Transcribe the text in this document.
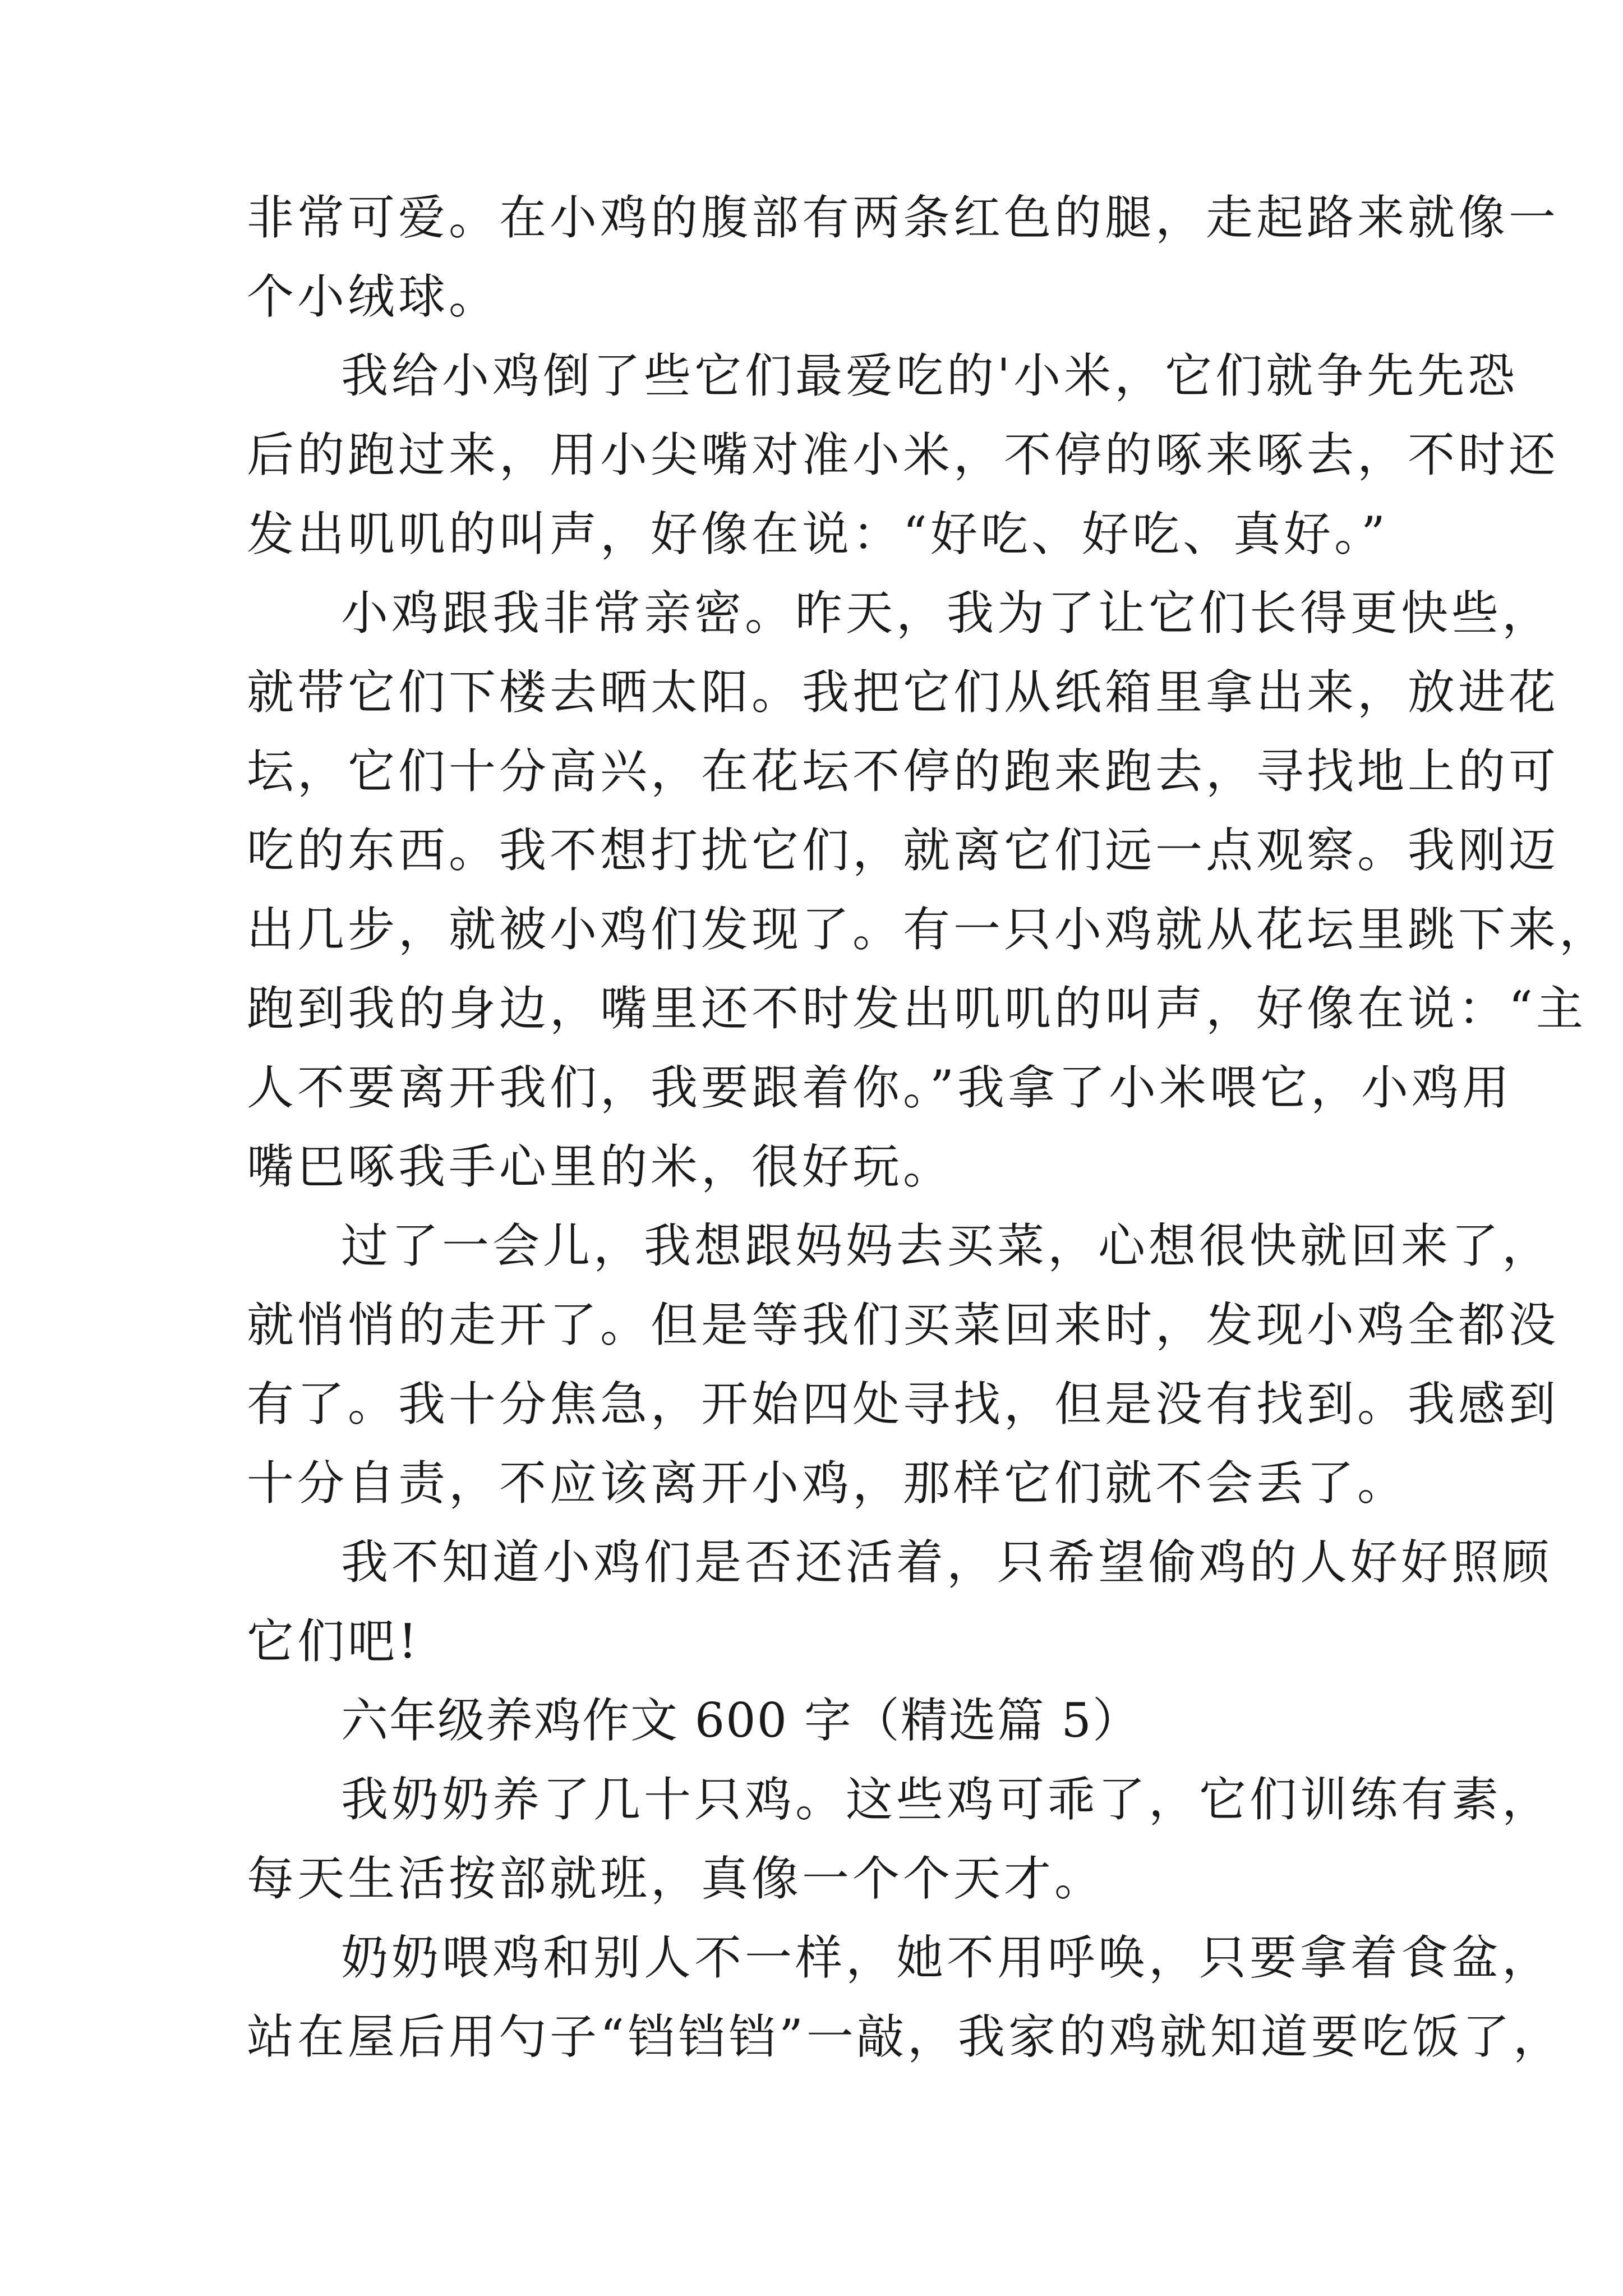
非常可爱。在小鸡的腹部有两条红色的腿，走起路来就像一
个小绒球。
我给小鸡倒了些它们最爱吃的'小米，它们就争先先恐
后的跑过来，用小尖嘴对准小米，不停的啄来啄去，不时还
发出叽叽的叫声，好像在说：“好吃、好吃、真好。”
小鸡跟我非常亲密。昨天，我为了让它们长得更快些，
就带它们下楼去晒太阳。我把它们从纸箱里拿出来，放进花
坛，它们十分高兴，在花坛不停的跑来跑去，寻找地上的可
吃的东西。我不想打扰它们，就离它们远一点观察。我刚迈
出几步，就被小鸡们发现了。有一只小鸡就从花坛里跳下来，
跑到我的身边，嘴里还不时发出叽叽的叫声，好像在说：“主
人不要离开我们，我要跟着你。”我拿了小米喂它，小鸡用
嘴巴啄我手心里的米，很好玩。
过了一会儿，我想跟妈妈去买菜，心想很快就回来了，
就悄悄的走开了。但是等我们买菜回来时，发现小鸡全都没
有了。我十分焦急，开始四处寻找，但是没有找到。我感到
十分自责，不应该离开小鸡，那样它们就不会丢了。
我不知道小鸡们是否还活着，只希望偷鸡的人好好照顾
它们吧!
六年级养鸡作文 600 字（精选篇 5）
我奶奶养了几十只鸡。这些鸡可乖了，它们训练有素，
每天生活按部就班，真像一个个天才。
奶奶喂鸡和别人不一样，她不用呼唤，只要拿着食盆，
站在屋后用勺子“铛铛铛”一敲，我家的鸡就知道要吃饭了，
